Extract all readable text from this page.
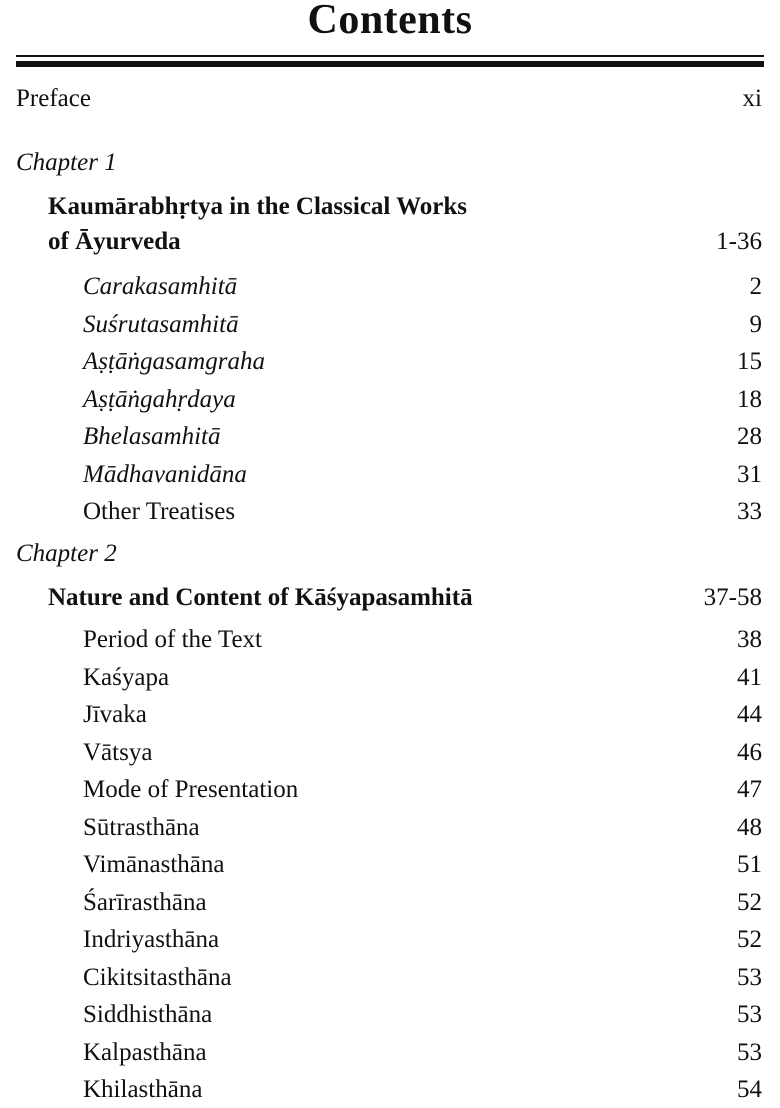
Contents
Preface	xi
Chapter 1
Kaumārabhṛtya in the Classical Works
of Āyurveda	1-36
Carakasamhitā	2
Suśrutasamhitā	9
Aṣṭāṅgasamgraha	15
Aṣṭāṅgahṛdaya	18
Bhelasamhitā	28
Mādhavanidāna	31
Other Treatises	33
Chapter 2
Nature and Content of Kāśyapasamhitā	37-58
Period of the Text	38
Kaśyapa	41
Jīvaka	44
Vātsya	46
Mode of Presentation	47
Sūtrasthāna	48
Vimānasthāna	51
Śarīrasthāna	52
Indriyasthāna	52
Cikitsitasthāna	53
Siddhisthāna	53
Kalpasthāna	53
Khilasthāna	54
